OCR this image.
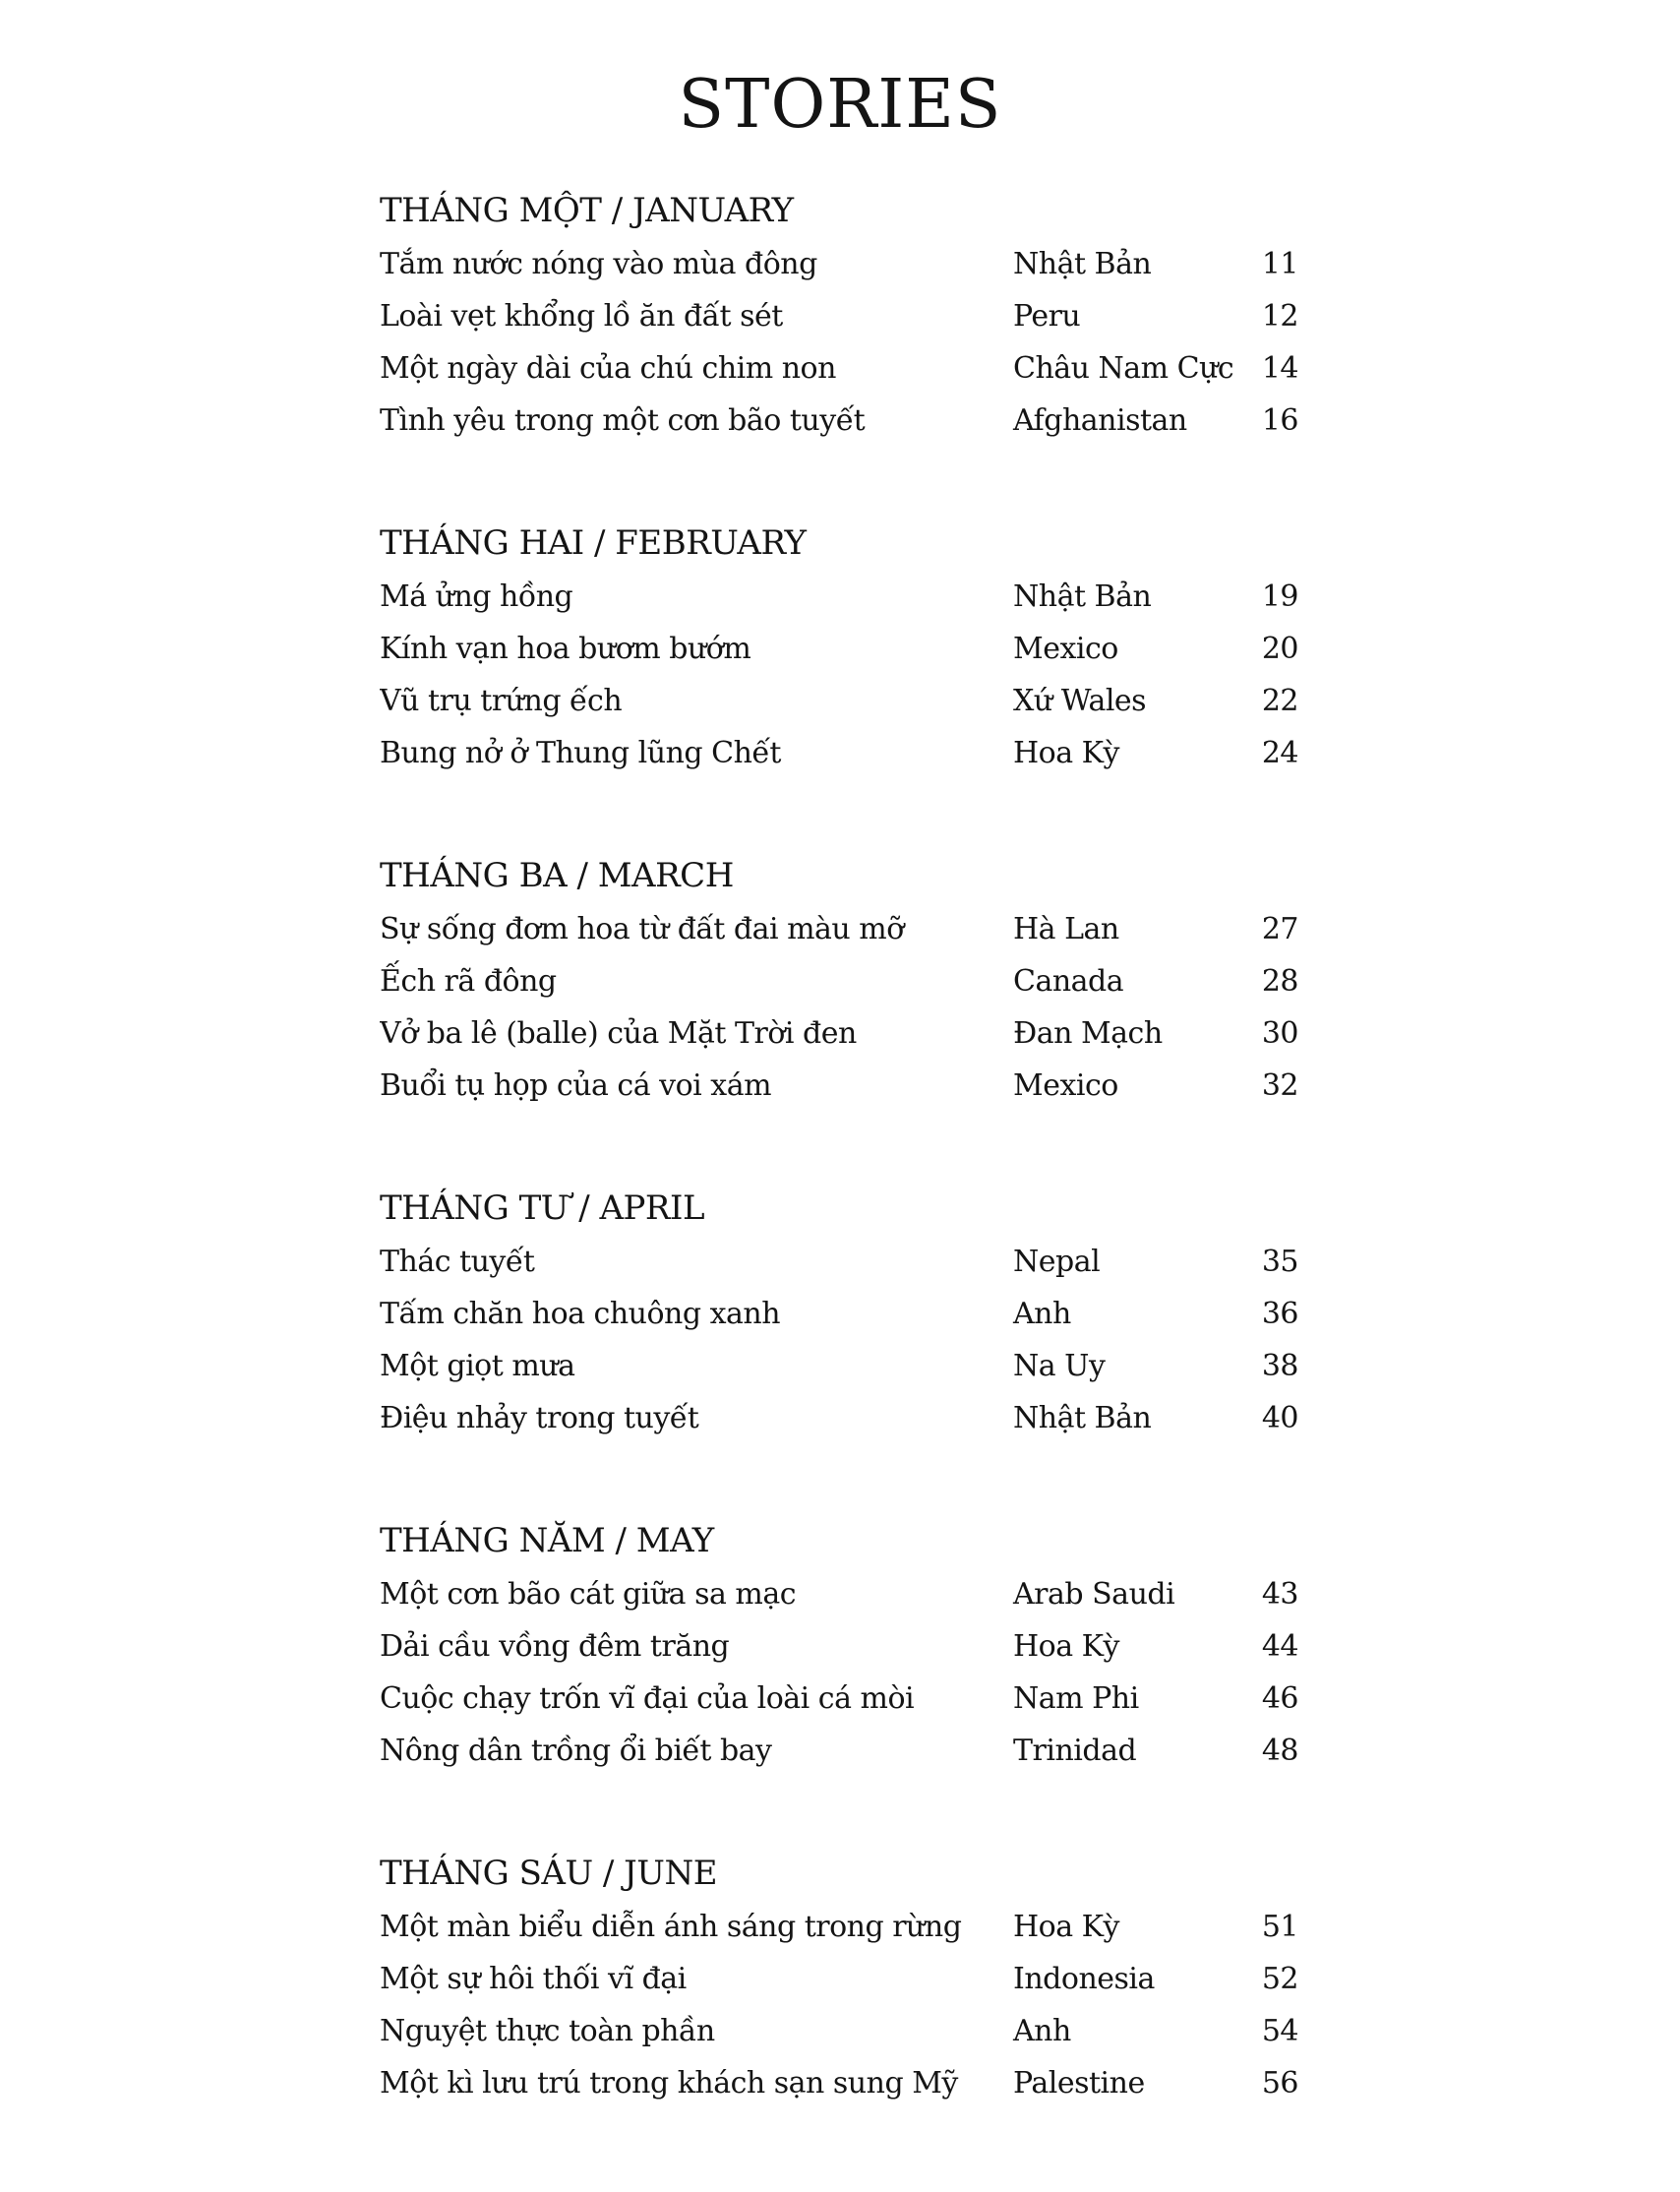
STORIES
THÁNG MỘT / JANUARY
Tắm nước nóng vào mùa đông	Nhật Bản	11
Loài vẹt khổng lồ ăn đất sét	Peru	12
Một ngày dài của chú chim non	Châu Nam Cực 14
Tình yêu trong một cơn bão tuyết	Afghanistan	16
THÁNG HAI / FEBRUARY
Má ửng hồng	Nhật Bản	19
Kính vạn hoa bươm bướm	Mexico	20
Vũ trụ trứng ếch	Xứ Wales	22
Bung nở ở Thung lũng Chết	Hoa Kỳ	24
THÁNG BA / MARCH
Sự sống đơm hoa từ đất đai màu mỡ	Hà Lan	27
Ếch rã đông	Canada	28
Vở ba lê (balle) của Mặt Trời đen	Đan Mạch	30
Buổi tụ họp của cá voi xám	Mexico	32
THÁNG TƯ / APRIL
Thác tuyết	Nepal	35
Tấm chăn hoa chuông xanh	Anh	36
Một giọt mưa	Na Uy	38
Điệu nhảy trong tuyết	Nhật Bản	40
THÁNG NĂM / MAY
Một cơn bão cát giữa sa mạc	Arab Saudi	43
Dải cầu vồng đêm trăng	Hoa Kỳ	44
Cuộc chạy trốn vĩ đại của loài cá mòi	Nam Phi	46
Nông dân trồng ổi biết bay	Trinidad	48
THÁNG SÁU / JUNE
Một màn biểu diễn ánh sáng trong rừng	Hoa Kỳ	51
Một sự hôi thối vĩ đại	Indonesia	52
Nguyệt thực toàn phần	Anh	54
Một kì lưu trú trong khách sạn sung Mỹ	Palestine	56
